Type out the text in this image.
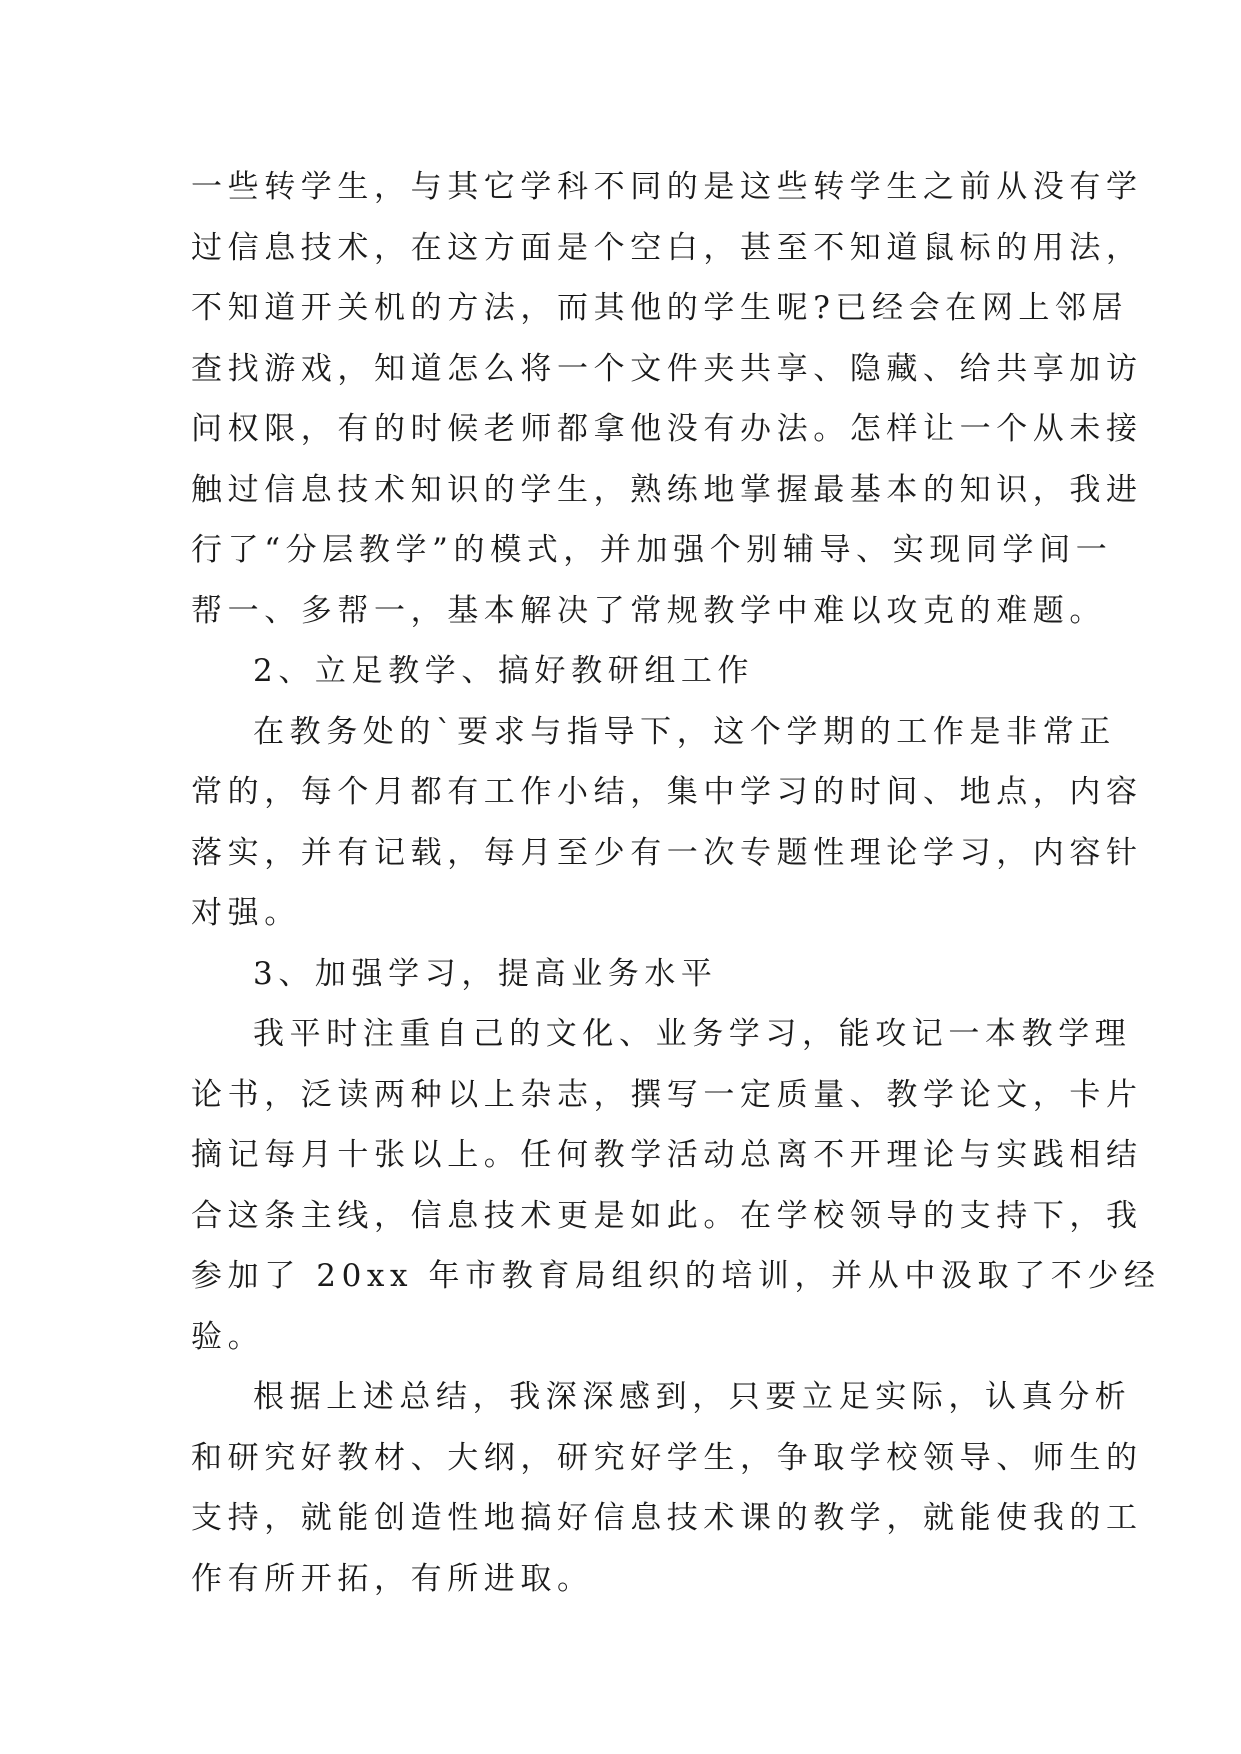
一些转学生，与其它学科不同的是这些转学生之前从没有学
过信息技术，在这方面是个空白，甚至不知道鼠标的用法，
不知道开关机的方法，而其他的学生呢?已经会在网上邻居
查找游戏，知道怎么将一个文件夹共享、隐藏、给共享加访
问权限，有的时候老师都拿他没有办法。怎样让一个从未接
触过信息技术知识的学生，熟练地掌握最基本的知识，我进
行了“分层教学”的模式，并加强个别辅导、实现同学间一
帮一、多帮一，基本解决了常规教学中难以攻克的难题。
2、立足教学、搞好教研组工作
在教务处的`要求与指导下，这个学期的工作是非常正
常的，每个月都有工作小结，集中学习的时间、地点，内容
落实，并有记载，每月至少有一次专题性理论学习，内容针
对强。
3、加强学习，提高业务水平
我平时注重自己的文化、业务学习，能攻记一本教学理
论书，泛读两种以上杂志，撰写一定质量、教学论文，卡片
摘记每月十张以上。任何教学活动总离不开理论与实践相结
合这条主线，信息技术更是如此。在学校领导的支持下，我
参加了 20xx 年市教育局组织的培训，并从中汲取了不少经
验。
根据上述总结，我深深感到，只要立足实际，认真分析
和研究好教材、大纲，研究好学生，争取学校领导、师生的
支持，就能创造性地搞好信息技术课的教学，就能使我的工
作有所开拓，有所进取。
